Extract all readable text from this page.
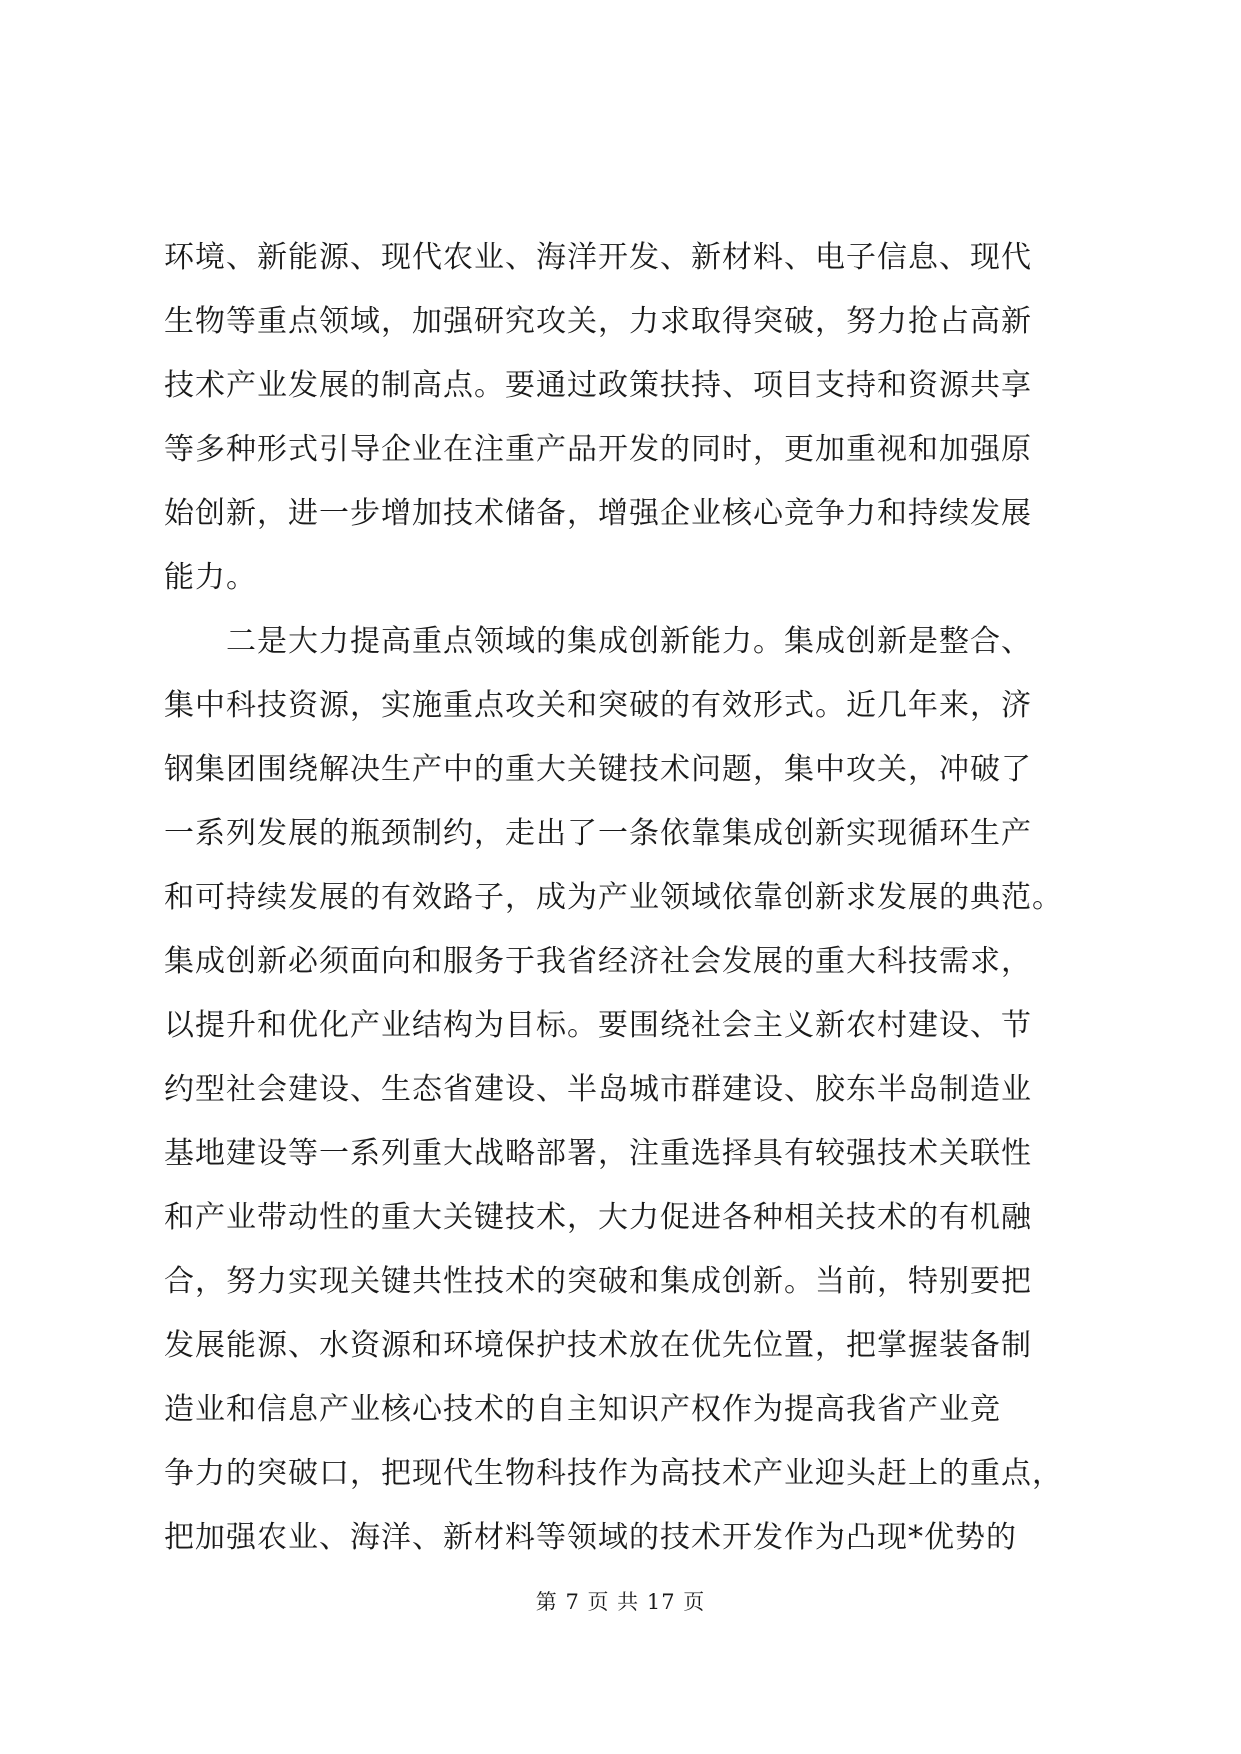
环境、新能源、现代农业、海洋开发、新材料、电子信息、现代
生物等重点领域，加强研究攻关，力求取得突破，努力抢占高新
技术产业发展的制高点。要通过政策扶持、项目支持和资源共享
等多种形式引导企业在注重产品开发的同时，更加重视和加强原
始创新，进一步增加技术储备，增强企业核心竞争力和持续发展
能力。
　　二是大力提高重点领域的集成创新能力。集成创新是整合、
集中科技资源，实施重点攻关和突破的有效形式。近几年来，济
钢集团围绕解决生产中的重大关键技术问题，集中攻关，冲破了
一系列发展的瓶颈制约，走出了一条依靠集成创新实现循环生产
和可持续发展的有效路子，成为产业领域依靠创新求发展的典范。
集成创新必须面向和服务于我省经济社会发展的重大科技需求，
以提升和优化产业结构为目标。要围绕社会主义新农村建设、节
约型社会建设、生态省建设、半岛城市群建设、胶东半岛制造业
基地建设等一系列重大战略部署，注重选择具有较强技术关联性
和产业带动性的重大关键技术，大力促进各种相关技术的有机融
合，努力实现关键共性技术的突破和集成创新。当前，特别要把
发展能源、水资源和环境保护技术放在优先位置，把掌握装备制
造业和信息产业核心技术的自主知识产权作为提高我省产业竞
争力的突破口，把现代生物科技作为高技术产业迎头赶上的重点，
把加强农业、海洋、新材料等领域的技术开发作为凸现*优势的
第 7 页 共 17 页
